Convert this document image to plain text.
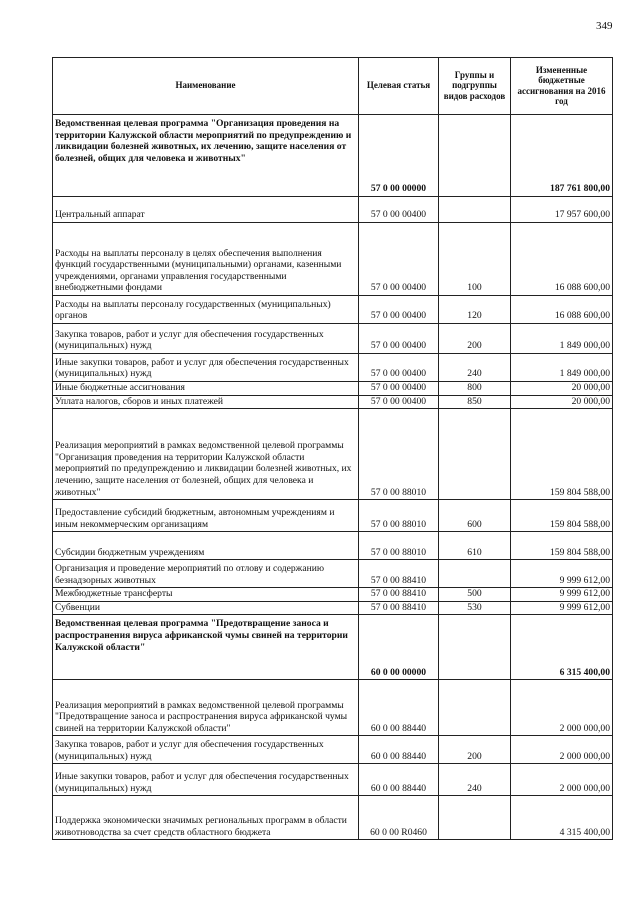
349
Наименование	Целевая статья	Группы и подгруппы видов расходов	Измененные бюджетные ассигнования на 2016 год
Ведомственная целевая программа "Организация проведения на территории Калужской области мероприятий по предупреждению и ликвидации болезней животных, их лечению, защите населения от болезней, общих для человека и животных"	57 0 00 00000		187 761 800,00
Центральный аппарат	57 0 00 00400		17 957 600,00
Расходы на выплаты персоналу в целях обеспечения выполнения функций государственными (муниципальными) органами, казенными учреждениями, органами управления государственными внебюджетными фондами	57 0 00 00400	100	16 088 600,00
Расходы на выплаты персоналу государственных (муниципальных) органов	57 0 00 00400	120	16 088 600,00
Закупка товаров, работ и услуг для обеспечения государственных (муниципальных) нужд	57 0 00 00400	200	1 849 000,00
Иные закупки товаров, работ и услуг для обеспечения государственных (муниципальных) нужд	57 0 00 00400	240	1 849 000,00
Иные бюджетные ассигнования	57 0 00 00400	800	20 000,00
Уплата налогов, сборов и иных платежей	57 0 00 00400	850	20 000,00
Реализация мероприятий в рамках ведомственной целевой программы "Организация проведения на территории Калужской области мероприятий по предупреждению и ликвидации болезней животных, их лечению, защите населения от болезней, общих для человека и животных"	57 0 00 88010		159 804 588,00
Предоставление субсидий бюджетным, автономным учреждениям и иным некоммерческим организациям	57 0 00 88010	600	159 804 588,00
Субсидии бюджетным учреждениям	57 0 00 88010	610	159 804 588,00
Организация и проведение мероприятий по отлову и содержанию безнадзорных животных	57 0 00 88410		9 999 612,00
Межбюджетные трансферты	57 0 00 88410	500	9 999 612,00
Субвенции	57 0 00 88410	530	9 999 612,00
Ведомственная целевая программа "Предотвращение заноса и распространения вируса африканской чумы свиней на территории Калужской области"	60 0 00 00000		6 315 400,00
Реализация мероприятий в рамках ведомственной целевой программы "Предотвращение заноса и распространения вируса африканской чумы свиней на территории Калужской области"	60 0 00 88440		2 000 000,00
Закупка товаров, работ и услуг для обеспечения государственных (муниципальных) нужд	60 0 00 88440	200	2 000 000,00
Иные закупки товаров, работ и услуг для обеспечения государственных (муниципальных) нужд	60 0 00 88440	240	2 000 000,00
Поддержка экономически значимых региональных программ в области животноводства за счет средств областного бюджета	60 0 00 R0460		4 315 400,00
